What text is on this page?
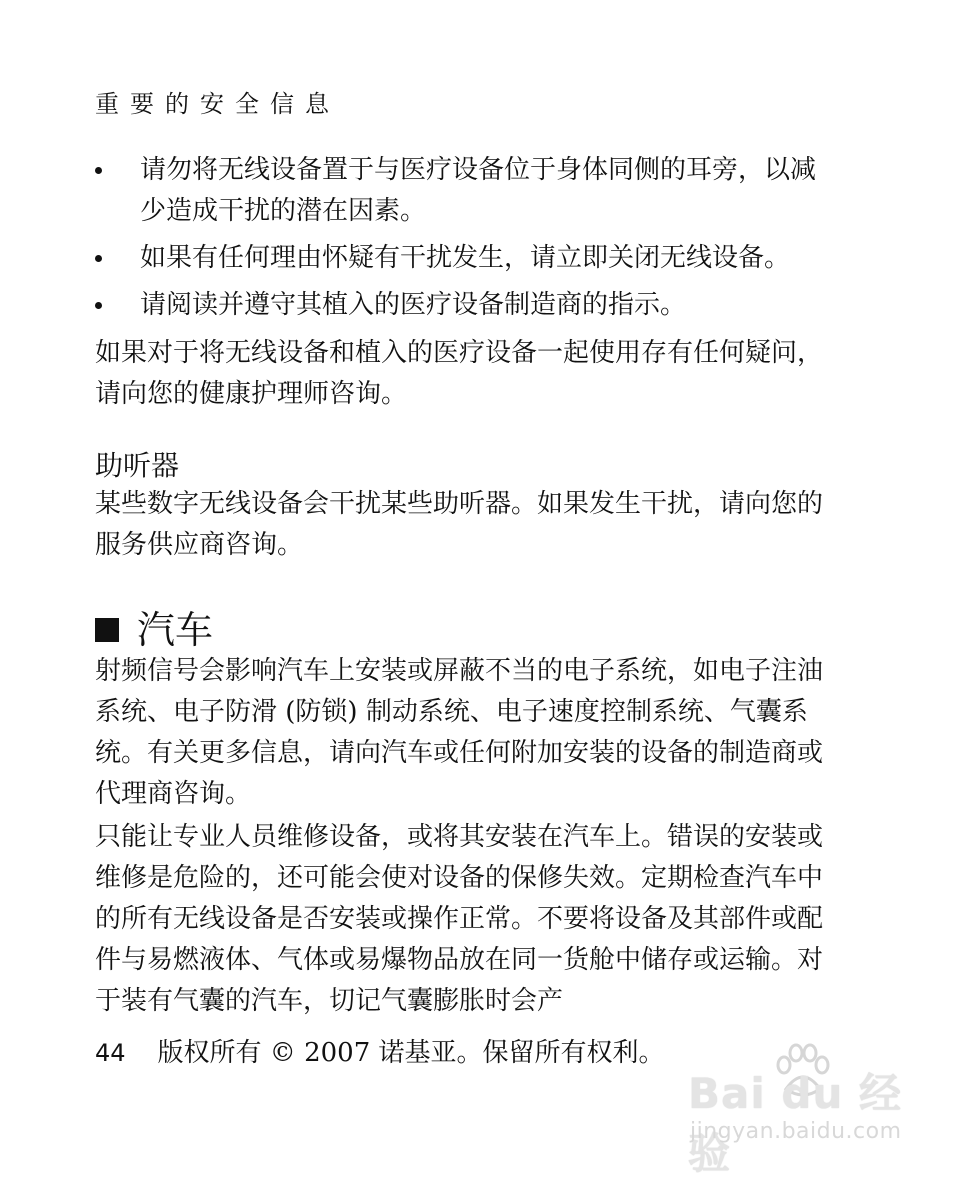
重要的安全信息
请勿将无线设备置于与医疗设备位于身体同侧的耳旁，以减少造成干扰的潜在因素。
如果有任何理由怀疑有干扰发生，请立即关闭无线设备。
请阅读并遵守其植入的医疗设备制造商的指示。

如果对于将无线设备和植入的医疗设备一起使用存有任何疑问，请向您的健康护理师咨询。

助听器

某些数字无线设备会干扰某些助听器。如果发生干扰，请向您的服务供应商咨询。

汽车

射频信号会影响汽车上安装或屏蔽不当的电子系统，如电子注油系统、电子防滑 (防锁) 制动系统、电子速度控制系统、气囊系统。有关更多信息，请向汽车或任何附加安装的设备的制造商或代理商咨询。

只能让专业人员维修设备，或将其安装在汽车上。错误的安装或维修是危险的，还可能会使对设备的保修失效。定期检查汽车中的所有无线设备是否安装或操作正常。不要将设备及其部件或配件与易燃液体、气体或易爆物品放在同一货舱中储存或运输。对于装有气囊的汽车，切记气囊膨胀时会产

44 版权所有 © 2007 诺基亚。保留所有权利。
Bai du 经验
jingyan.baidu.com
